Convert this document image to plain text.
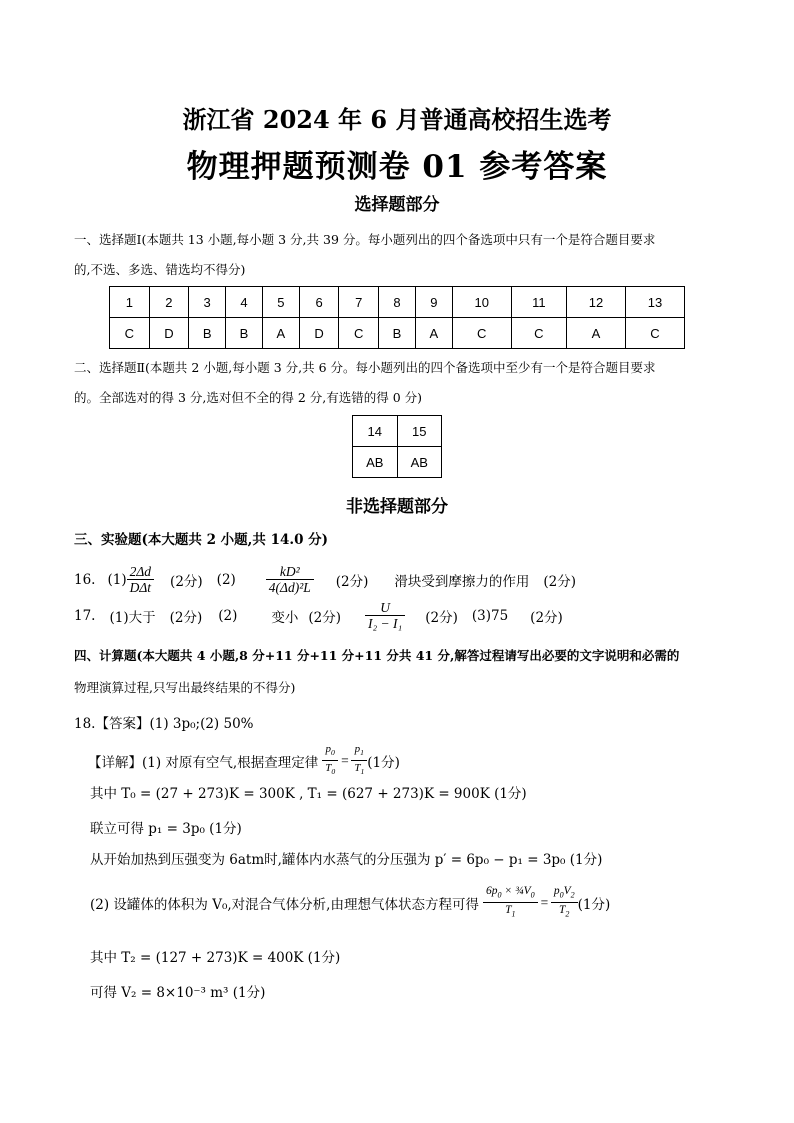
浙江省 2024 年 6 月普通高校招生选考
物理押题预测卷 01 参考答案
选择题部分
一、选择题Ⅰ(本题共 13 小题,每小题 3 分,共 39 分。每小题列出的四个备选项中只有一个是符合题目要求
的,不选、多选、错选均不得分)
1	2	3	4	5	6	7	8	9	10	11	12	13
C	D	B	B	A	D	C	B	A	C	C	A	C
二、选择题Ⅱ(本题共 2 小题,每小题 3 分,共 6 分。每小题列出的四个备选项中至少有一个是符合题目要求
的。全部选对的得 3 分,选对但不全的得 2 分,有选错的得 0 分)
14	15
AB	AB
非选择题部分
三、实验题(本大题共 2 小题,共 14.0 分)
16. $(1) \frac{2\Delta d}{\text{DΔt}} (2$分) $(2) \frac{\text{kD²}}{\text{4(Δd)²L}} (2$分) 滑块受到摩擦力的作用 (2分)
17. (1)大于 (2分) (2)	变小 (2分) $\frac{U}{\text{I₂ − I₁}} (2$分) (3)75 (2分)
四、计算题(本大题共 4 小题,8 分+11 分+11 分+11 分共 41 分,解答过程请写出必要的文字说明和必需的
物理演算过程,只写出最终结果的不得分)
18.【答案】(1) 3p₀;(2) 50%
【详解】(1) 对原有空气,根据查理定律 $\frac{p_0}{T_0} = \frac{p_1}{T_1} (1$分)
其中 T₀ = (27 + 273)K = 300K , T₁ = (627 + 273)K = 900K (1分)
联立可得 p₁ = 3p₀ (1分)
从开始加热到压强变为 6atm时,罐体内水蒸气的分压强为 p′ = 6p₀ − p₁ = 3p₀ (1分)
(2) 设罐体的体积为 V₀,对混合气体分析,由理想气体状态方程可得 $\frac{6p_0 \times \frac{3}{4}V_0}{T_1} = \frac{p_0V_2}{T_2} (1$分)
其中 T₂ = (127 + 273)K = 400K (1分)
可得 V₂ = 8×10⁻³ m³ (1分)
